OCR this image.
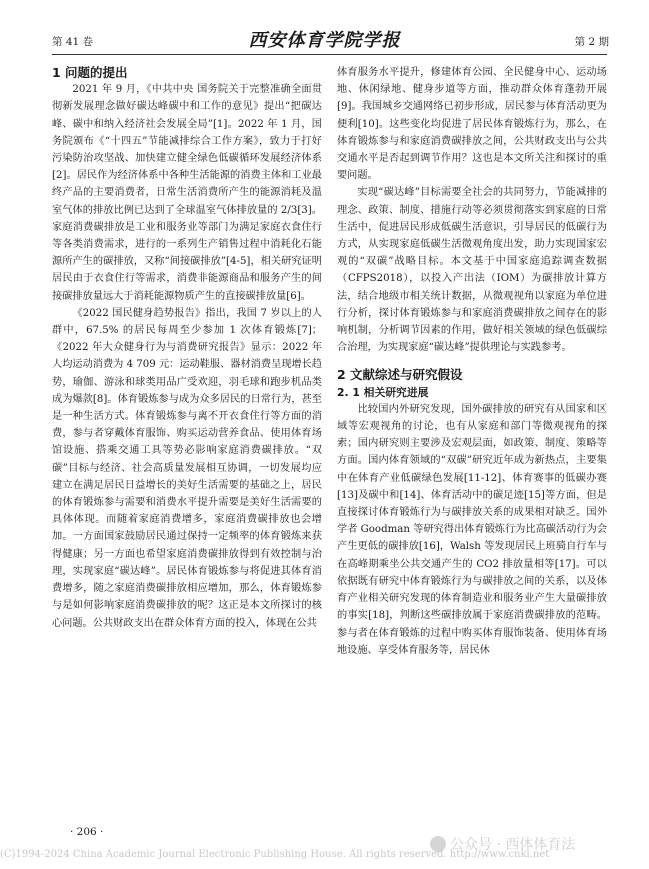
第 41 卷	西安体育学院学报	第 2 期

1 问题的提出

2021 年 9 月，《中共中央 国务院关于完整准确全面贯彻新发展理念做好碳达峰碳中和工作的意见》提出“把碳达峰、碳中和纳入经济社会发展全局”[1]。2022 年 1 月，国务院颁布《“十四五”节能减排综合工作方案》，致力于打好污染防治攻坚战、加快建立健全绿色低碳循环发展经济体系[2]。居民作为经济体系中各种生活能源的消费主体和工业最终产品的主要消费者，日常生活消费所产生的能源消耗及温室气体的排放比例已达到了全球温室气体排放量的 2/3[3]。家庭消费碳排放是工业和服务业等部门为满足家庭衣食住行等各类消费需求，进行的一系列生产销售过程中消耗化石能源所产生的碳排放，又称“间接碳排放”[4-5]，相关研究证明居民由于衣食住行等需求，消费非能源商品和服务产生的间接碳排放量远大于消耗能源物质产生的直接碳排放量[6]。

《2022 国民健身趋势报告》指出，我国 7 岁以上的人群中，67.5% 的居民每周至少参加 1 次体育锻炼[7]；《2022 年大众健身行为与消费研究报告》显示：2022 年人均运动消费为 4 709 元：运动鞋服、器材消费呈现增长趋势，瑜伽、游泳和球类用品广受欢迎，羽毛球和跑步机品类成为爆款[8]。体育锻炼参与成为众多居民的日常行为，甚至是一种生活方式。体育锻炼参与离不开衣食住行等方面的消费，参与者穿戴体育服饰、购买运动营养食品、使用体育场馆设施、搭乘交通工具等势必影响家庭消费碳排放。“双碳”目标与经济、社会高质量发展相互协调，一切发展均应建立在满足居民日益增长的美好生活需要的基础之上，居民的体育锻炼参与需要和消费水平提升需要是美好生活需要的具体体现。而随着家庭消费增多，家庭消费碳排放也会增加。一方面国家鼓励居民通过保持一定频率的体育锻炼来获得健康；另一方面也希望家庭消费碳排放得到有效控制与治理，实现家庭“碳达峰”。居民体育锻炼参与将促进其体育消费增多，随之家庭消费碳排放相应增加，那么，体育锻炼参与是如何影响家庭消费碳排放的呢？这正是本文所探讨的核心问题。公共财政支出在群众体育方面的投入，体现在公共

体育服务水平提升，修建体育公园、全民健身中心、运动场地、休闲绿地、健身步道等方面，推动群众体育蓬勃开展[9]。我国城乡交通网络已初步形成，居民参与体育活动更为便利[10]。这些变化均促进了居民体育锻炼行为，那么，在体育锻炼参与和家庭消费碳排放之间，公共财政支出与公共交通水平是否起到调节作用？这也是本文所关注和探讨的重要问题。

实现“碳达峰”目标需要全社会的共同努力，节能减排的理念、政策、制度、措施行动等必须贯彻落实到家庭的日常生活中，促进居民形成低碳生活意识，引导居民的低碳行为方式，从实现家庭低碳生活微观角度出发，助力实现国家宏观的“双碳”战略目标。本文基于中国家庭追踪调查数据（CFPS2018），以投入产出法（IOM）为碳排放计算方法，结合地级市相关统计数据，从微观视角以家庭为单位进行分析，探讨体育锻炼参与和家庭消费碳排放之间存在的影响机制，分析调节因素的作用，做好相关领域的绿色低碳综合治理，为实现家庭“碳达峰”提供理论与实践参考。

2 文献综述与研究假设

2. 1 相关研究进展

比较国内外研究发现，国外碳排放的研究有从国家和区域等宏观视角的讨论，也有从家庭和部门等微观视角的探索；国内研究则主要涉及宏观层面，如政策、制度、策略等方面。国内体育领域的“双碳”研究近年成为新热点，主要集中在体育产业低碳绿色发展[11-12]、体育赛事的低碳办赛[13]及碳中和[14]、体育活动中的碳足迹[15]等方面，但是直接探讨体育锻炼行为与碳排放关系的成果相对缺乏。国外学者 Goodman 等研究得出体育锻炼行为比高碳活动行为会产生更低的碳排放[16]，Walsh 等发现居民上班骑自行车与在高峰期乘坐公共交通产生的 CO2 排放量相等[17]。可以依据既有研究中体育锻炼行为与碳排放之间的关系，以及体育产业相关研究发现的体育制造业和服务业产生大量碳排放的事实[18]，判断这些碳排放属于家庭消费碳排放的范畴。参与者在体育锻炼的过程中购买体育服饰装备、使用体育场地设施、享受体育服务等，居民休

· 206 ·
公众号 · 西体体育法
(C)1994-2024 China Academic Journal Electronic Publishing House. All rights reserved. http://www.cnki.net
